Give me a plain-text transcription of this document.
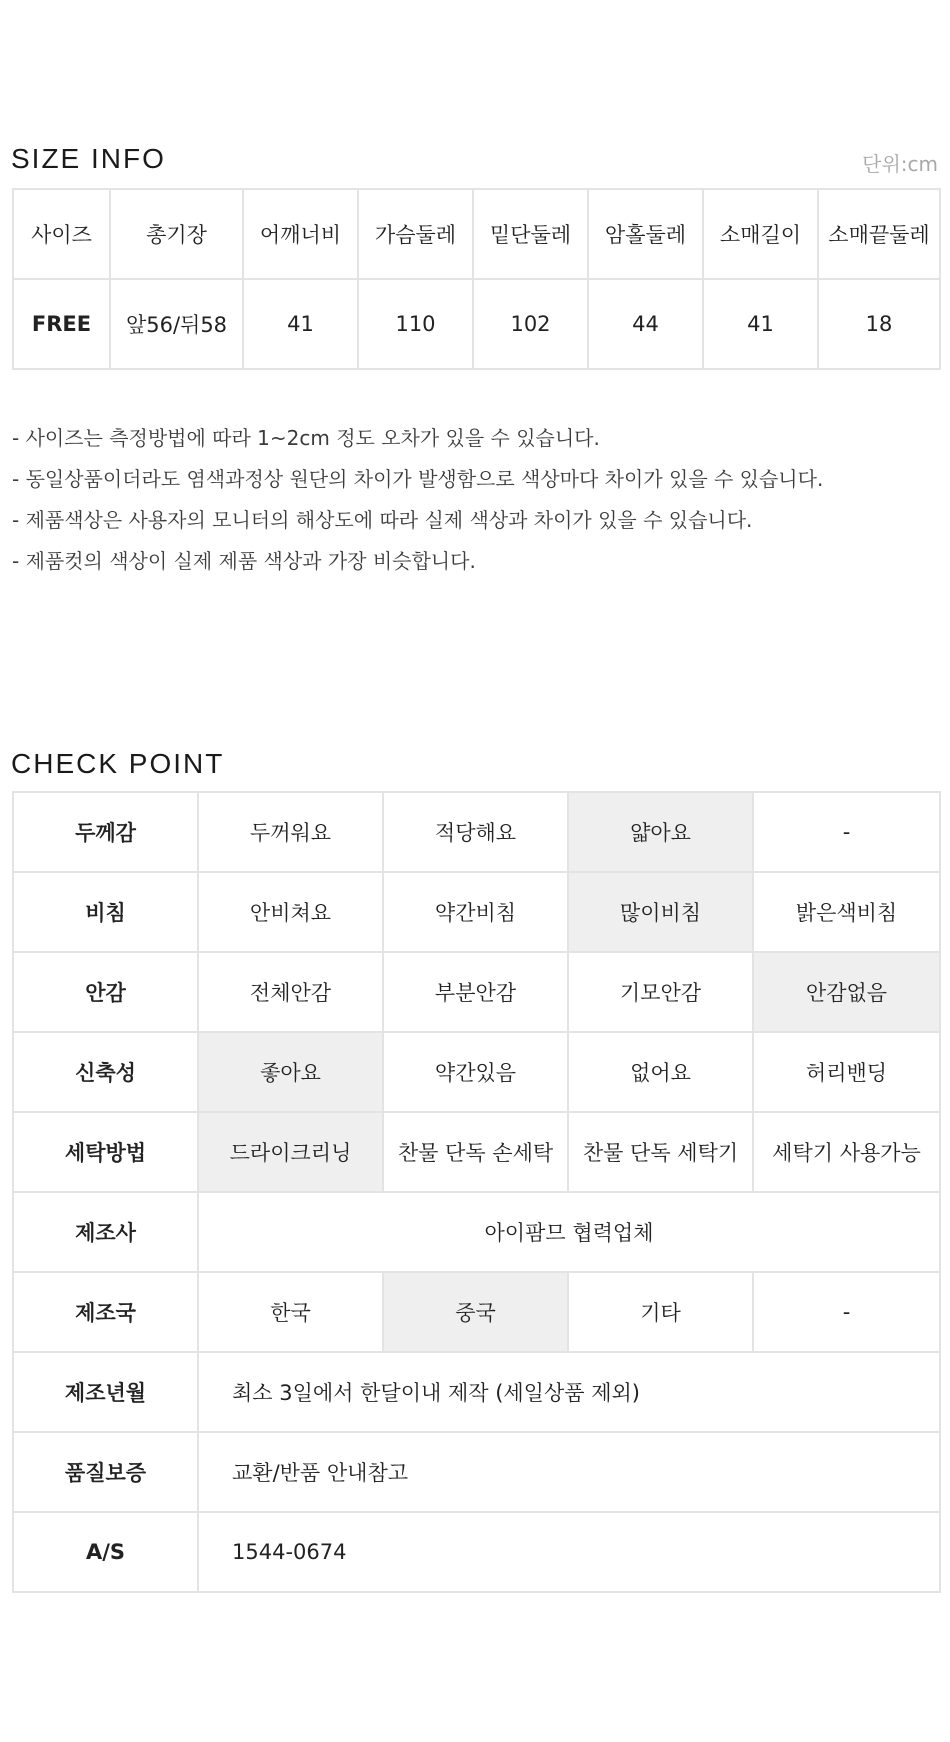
SIZE INFO	단위:cm
사이즈	총기장	어깨너비	가슴둘레	밑단둘레	암홀둘레	소매길이	소매끝둘레
FREE	앞56/뒤58	41	110	102	44	41	18
- 사이즈는 측정방법에 따라 1~2cm 정도 오차가 있을 수 있습니다.
- 동일상품이더라도 염색과정상 원단의 차이가 발생함으로 색상마다 차이가 있을 수 있습니다.
- 제품색상은 사용자의 모니터의 해상도에 따라 실제 색상과 차이가 있을 수 있습니다.
- 제품컷의 색상이 실제 제품 색상과 가장 비슷합니다.
CHECK POINT
두께감	두꺼워요	적당해요	얇아요	-
비침	안비쳐요	약간비침	많이비침	밝은색비침
안감	전체안감	부분안감	기모안감	안감없음
신축성	좋아요	약간있음	없어요	허리밴딩
세탁방법	드라이크리닝	찬물 단독 손세탁	찬물 단독 세탁기	세탁기 사용가능
제조사	아이팜므 협력업체			
제조국	한국	중국	기타	-
제조년월	최소 3일에서 한달이내 제작 (세일상품 제외)			
품질보증	교환/반품 안내참고			
A/S	1544-0674			
